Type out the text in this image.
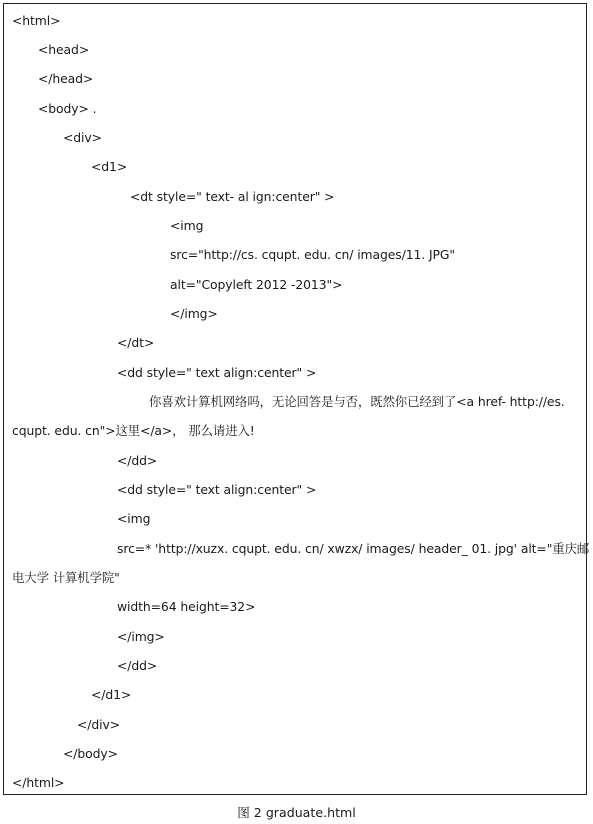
<html>
<head>
</head>
<body> .
<div>
<d1>
<dt style=" text- al ign:center" >
<img
src="http://cs. cqupt. edu. cn/ images/11. JPG"
alt="Copyleft 2012 -2013">
</img>
</dt>
<dd style=" text align:center" >
你喜欢计算机网络吗，无论回答是与否，既然你已经到了<a href- http://es.
cqupt. edu. cn">这里</a>， 那么请进入!
</dd>
<dd style=" text align:center" >
<img
src=* 'http://xuzx. cqupt. edu. cn/ xwzx/ images/ header_ 01. jpg' alt="重庆邮
电大学 计算机学院"
width=64 height=32>
</img>
</dd>
</d1>
</div>
</body>
</html>
图 2 graduate.html
